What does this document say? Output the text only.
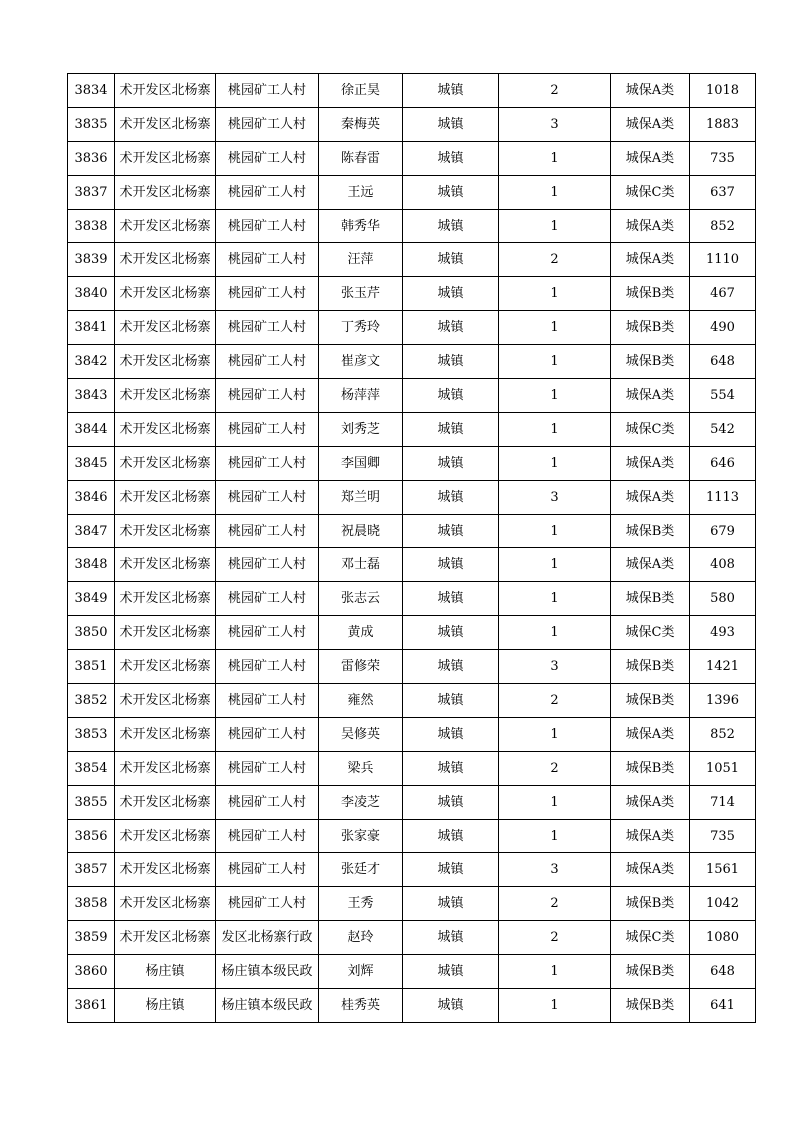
3834	术开发区北杨寨	桃园矿工人村	徐正昊	城镇	2	城保A类	1018
3835	术开发区北杨寨	桃园矿工人村	秦梅英	城镇	3	城保A类	1883
3836	术开发区北杨寨	桃园矿工人村	陈春雷	城镇	1	城保A类	735
3837	术开发区北杨寨	桃园矿工人村	王远	城镇	1	城保C类	637
3838	术开发区北杨寨	桃园矿工人村	韩秀华	城镇	1	城保A类	852
3839	术开发区北杨寨	桃园矿工人村	汪萍	城镇	2	城保A类	1110
3840	术开发区北杨寨	桃园矿工人村	张玉芹	城镇	1	城保B类	467
3841	术开发区北杨寨	桃园矿工人村	丁秀玲	城镇	1	城保B类	490
3842	术开发区北杨寨	桃园矿工人村	崔彦文	城镇	1	城保B类	648
3843	术开发区北杨寨	桃园矿工人村	杨萍萍	城镇	1	城保A类	554
3844	术开发区北杨寨	桃园矿工人村	刘秀芝	城镇	1	城保C类	542
3845	术开发区北杨寨	桃园矿工人村	李国卿	城镇	1	城保A类	646
3846	术开发区北杨寨	桃园矿工人村	郑兰明	城镇	3	城保A类	1113
3847	术开发区北杨寨	桃园矿工人村	祝晨晓	城镇	1	城保B类	679
3848	术开发区北杨寨	桃园矿工人村	邓士磊	城镇	1	城保A类	408
3849	术开发区北杨寨	桃园矿工人村	张志云	城镇	1	城保B类	580
3850	术开发区北杨寨	桃园矿工人村	黄成	城镇	1	城保C类	493
3851	术开发区北杨寨	桃园矿工人村	雷修荣	城镇	3	城保B类	1421
3852	术开发区北杨寨	桃园矿工人村	雍然	城镇	2	城保B类	1396
3853	术开发区北杨寨	桃园矿工人村	吴修英	城镇	1	城保A类	852
3854	术开发区北杨寨	桃园矿工人村	梁兵	城镇	2	城保B类	1051
3855	术开发区北杨寨	桃园矿工人村	李凌芝	城镇	1	城保A类	714
3856	术开发区北杨寨	桃园矿工人村	张家豪	城镇	1	城保A类	735
3857	术开发区北杨寨	桃园矿工人村	张廷才	城镇	3	城保A类	1561
3858	术开发区北杨寨	桃园矿工人村	王秀	城镇	2	城保B类	1042
3859	术开发区北杨寨	发区北杨寨行政	赵玲	城镇	2	城保C类	1080
3860	杨庄镇	杨庄镇本级民政	刘辉	城镇	1	城保B类	648
3861	杨庄镇	杨庄镇本级民政	桂秀英	城镇	1	城保B类	641
